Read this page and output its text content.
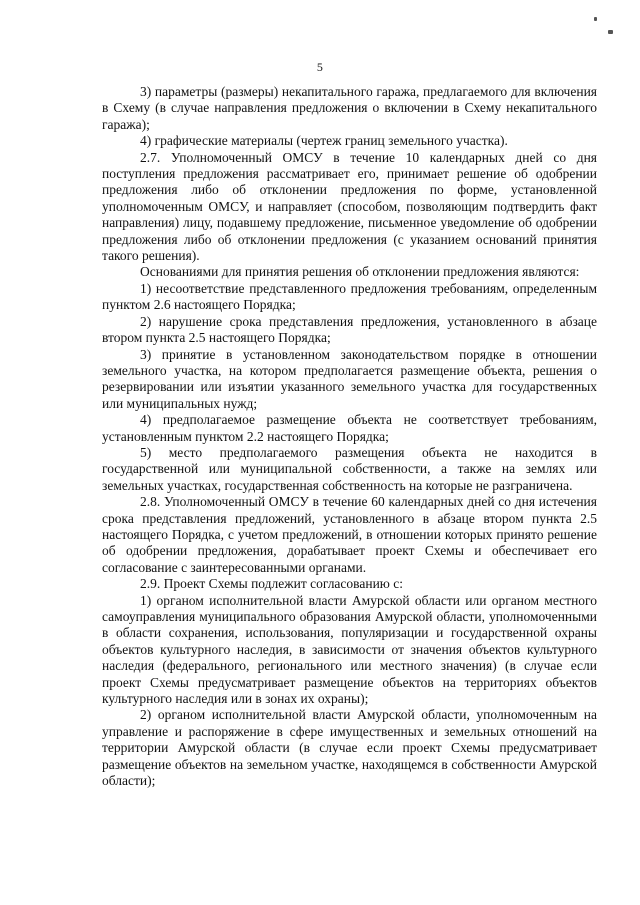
5

3) параметры (размеры) некапитального гаража, предлагаемого для включения в Схему (в случае направления предложения о включении в Схему некапитального гаража);

4) графические материалы (чертеж границ земельного участка).

2.7. Уполномоченный ОМСУ в течение 10 календарных дней со дня поступления предложения рассматривает его, принимает решение об одобрении предложения либо об отклонении предложения по форме, установленной уполномоченным ОМСУ, и направляет (способом, позволяющим подтвердить факт направления) лицу, подавшему предложение, письменное уведомление об одобрении предложения либо об отклонении предложения (с указанием оснований принятия такого решения).

Основаниями для принятия решения об отклонении предложения являются:

1) несоответствие представленного предложения требованиям, определенным пунктом 2.6 настоящего Порядка;

2) нарушение срока представления предложения, установленного в абзаце втором пункта 2.5 настоящего Порядка;

3) принятие в установленном законодательством порядке в отношении земельного участка, на котором предполагается размещение объекта, решения о резервировании или изъятии указанного земельного участка для государственных или муниципальных нужд;

4) предполагаемое размещение объекта не соответствует требованиям, установленным пунктом 2.2 настоящего Порядка;

5) место предполагаемого размещения объекта не находится в государственной или муниципальной собственности, а также на землях или земельных участках, государственная собственность на которые не разграничена.

2.8. Уполномоченный ОМСУ в течение 60 календарных дней со дня истечения срока представления предложений, установленного в абзаце втором пункта 2.5 настоящего Порядка, с учетом предложений, в отношении которых принято решение об одобрении предложения, дорабатывает проект Схемы и обеспечивает его согласование с заинтересованными органами.

2.9. Проект Схемы подлежит согласованию с:

1) органом исполнительной власти Амурской области или органом местного самоуправления муниципального образования Амурской области, уполномоченными в области сохранения, использования, популяризации и государственной охраны объектов культурного наследия, в зависимости от значения объектов культурного наследия (федерального, регионального или местного значения) (в случае если проект Схемы предусматривает размещение объектов на территориях объектов культурного наследия или в зонах их охраны);

2) органом исполнительной власти Амурской области, уполномоченным на управление и распоряжение в сфере имущественных и земельных отношений на территории Амурской области (в случае если проект Схемы предусматривает размещение объектов на земельном участке, находящемся в собственности Амурской области);
